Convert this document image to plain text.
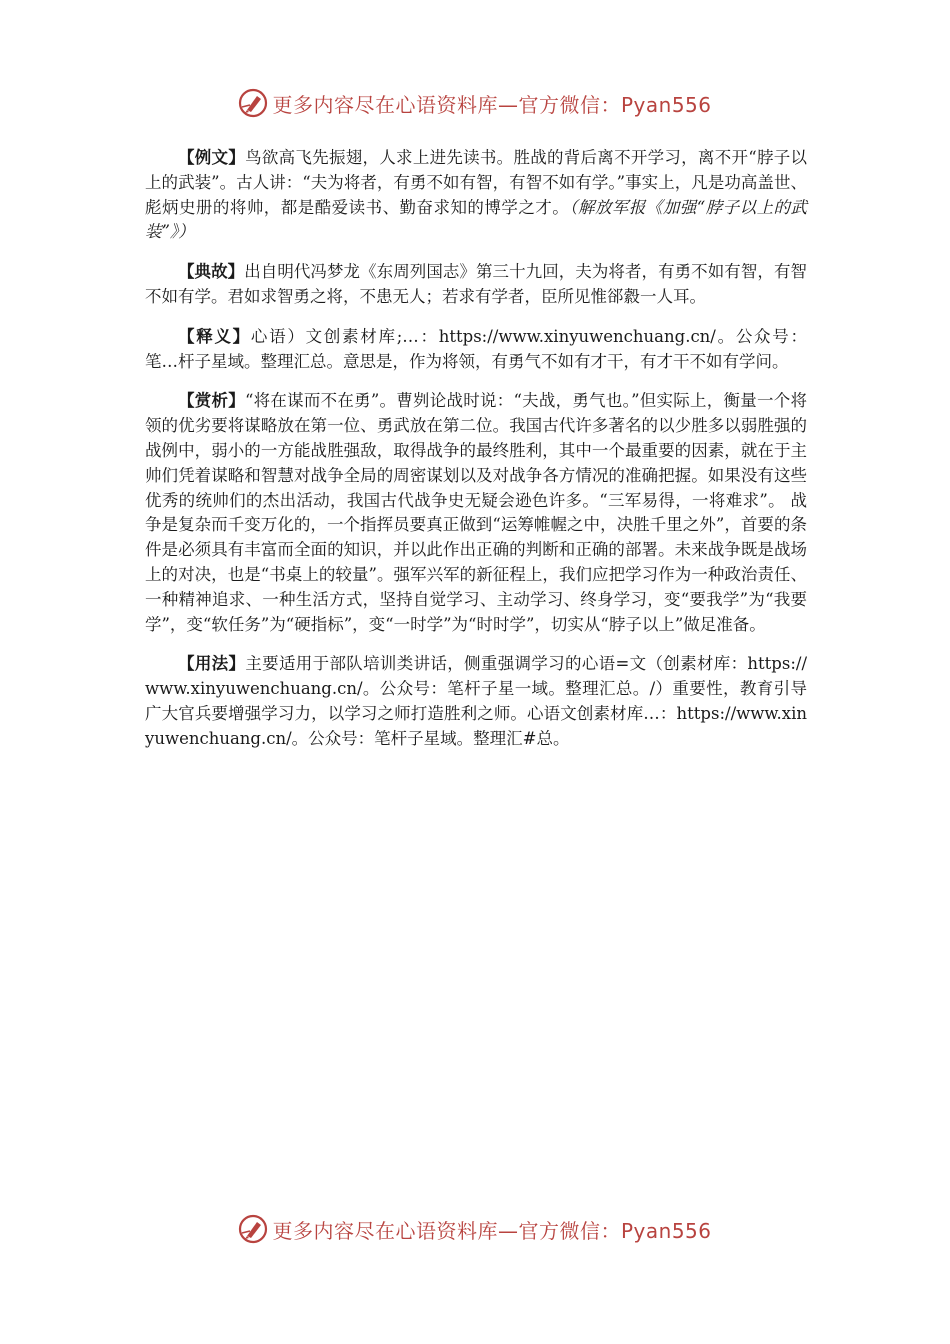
更多内容尽在心语资料库—官方微信：Pyan556

【例文】鸟欲高飞先振翅，人求上进先读书。胜战的背后离不开学习，离不开“脖子以上的武装”。古人讲：“夫为将者，有勇不如有智，有智不如有学。”事实上，凡是功高盖世、彪炳史册的将帅，都是酷爱读书、勤奋求知的博学之才。（解放军报《加强“脖子以上的武装”》）

【典故】出自明代冯梦龙《东周列国志》第三十九回，夫为将者，有勇不如有智，有智不如有学。君如求智勇之将，不患无人；若求有学者，臣所见惟郤縠一人耳。

【释义】心语）文创素材库;…：https://www.xinyuwenchuang.cn/。公众号：笔…杆子星域。整理汇总。意思是，作为将领，有勇气不如有才干，有才干不如有学问。

【赏析】“将在谋而不在勇”。曹刿论战时说：“夫战，勇气也。”但实际上，衡量一个将领的优劣要将谋略放在第一位、勇武放在第二位。我国古代许多著名的以少胜多以弱胜强的战例中，弱小的一方能战胜强敌，取得战争的最终胜利，其中一个最重要的因素，就在于主帅们凭着谋略和智慧对战争全局的周密谋划以及对战争各方情况的准确把握。如果没有这些优秀的统帅们的杰出活动，我国古代战争史无疑会逊色许多。“三军易得，一将难求”。 战争是复杂而千变万化的，一个指挥员要真正做到“运筹帷幄之中，决胜千里之外”，首要的条件是必须具有丰富而全面的知识，并以此作出正确的判断和正确的部署。未来战争既是战场上的对决，也是“书桌上的较量”。强军兴军的新征程上，我们应把学习作为一种政治责任、一种精神追求、一种生活方式，坚持自觉学习、主动学习、终身学习，变“要我学”为“我要学”，变“软任务”为“硬指标”，变“一时学”为“时时学”，切实从“脖子以上”做足准备。

【用法】主要适用于部队培训类讲话，侧重强调学习的心语=文（创素材库：https://www.xinyuwenchuang.cn/。公众号：笔杆子星一域。整理汇总。/）重要性，教育引导广大官兵要增强学习力，以学习之师打造胜利之师。心语文创素材库…：https://www.xinyuwenchuang.cn/。公众号：笔杆子星域。整理汇#总。

更多内容尽在心语资料库—官方微信：Pyan556
